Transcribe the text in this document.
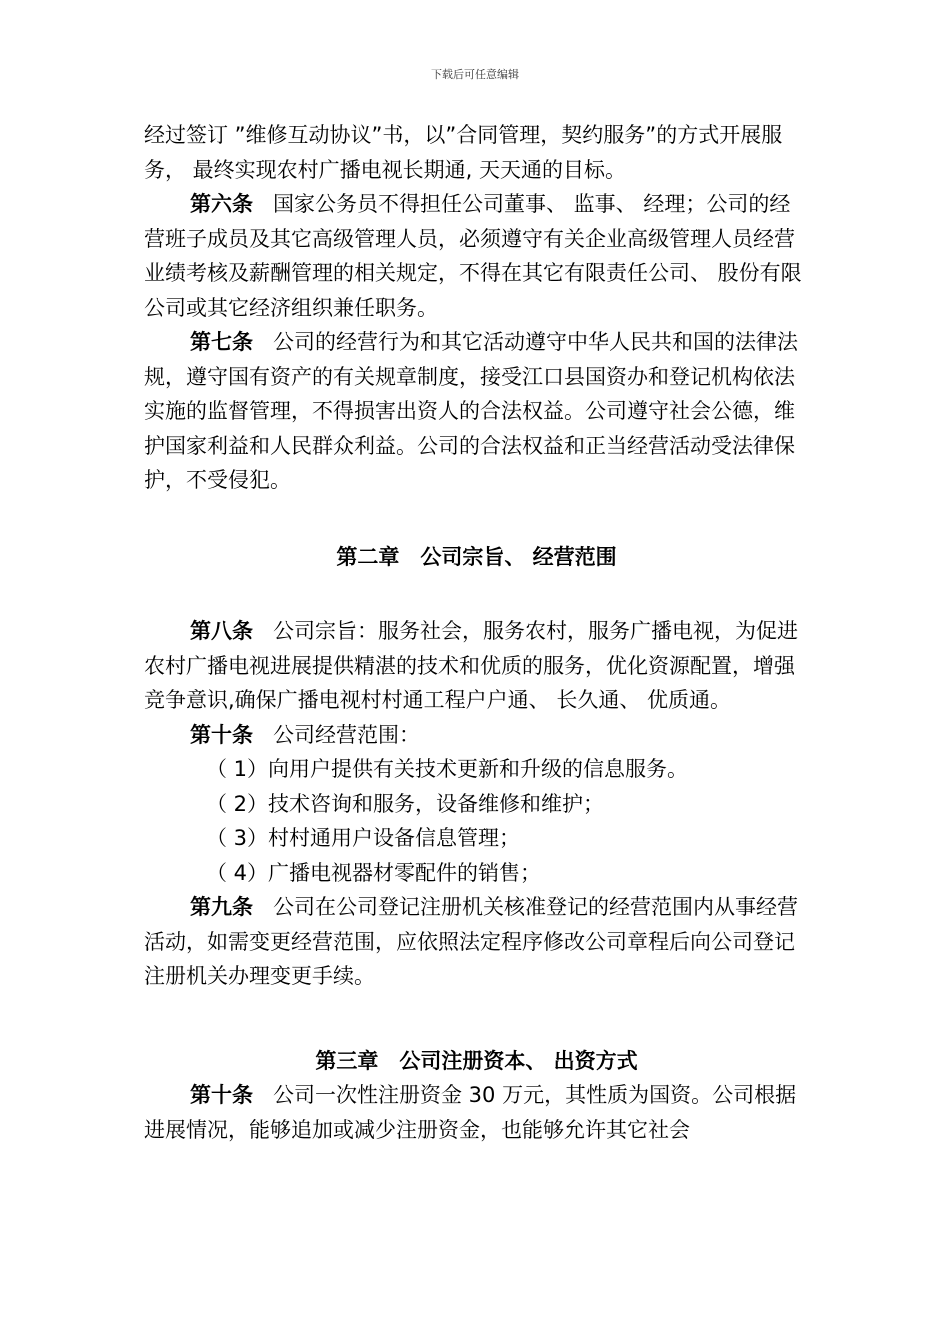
下载后可任意编辑

经过签订 ”维修互动协议”书，以”合同管理，契约服务”的方式开展服务， 最终实现农村广播电视长期通, 天天通的目标。

第六条 国家公务员不得担任公司董事、 监事、 经理；公司的经营班子成员及其它高级管理人员，必须遵守有关企业高级管理人员经营业绩考核及薪酬管理的相关规定，不得在其它有限责任公司、 股份有限公司或其它经济组织兼任职务。

第七条 公司的经营行为和其它活动遵守中华人民共和国的法律法规，遵守国有资产的有关规章制度，接受江口县国资办和登记机构依法实施的监督管理，不得损害出资人的合法权益。公司遵守社会公德，维护国家利益和人民群众利益。公司的合法权益和正当经营活动受法律保护，不受侵犯。

第二章　公司宗旨、 经营范围

第八条 公司宗旨：服务社会，服务农村，服务广播电视，为促进农村广播电视进展提供精湛的技术和优质的服务，优化资源配置，增强竞争意识,确保广播电视村村通工程户户通、 长久通、 优质通。

第十条 公司经营范围：

（ 1）向用户提供有关技术更新和升级的信息服务。

（ 2）技术咨询和服务，设备维修和维护；

（ 3）村村通用户设备信息管理；

（ 4）广播电视器材零配件的销售；

第九条 公司在公司登记注册机关核准登记的经营范围内从事经营活动，如需变更经营范围，应依照法定程序修改公司章程后向公司登记注册机关办理变更手续。

第三章　公司注册资本、 出资方式

第十条 公司一次性注册资金 30 万元，其性质为国资。公司根据进展情况，能够追加或减少注册资金，也能够允许其它社会
